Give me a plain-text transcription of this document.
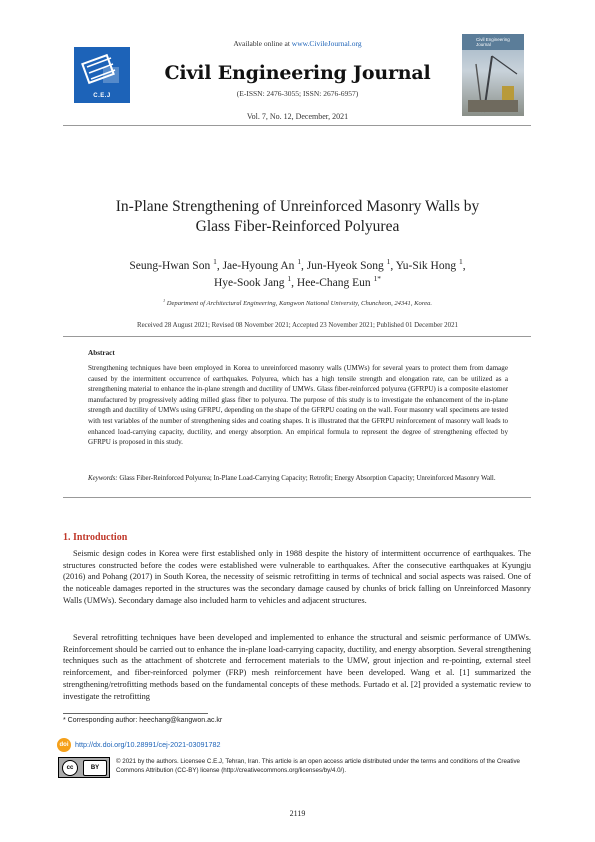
Available online at www.CivileJournal.org
C.E.J
Civil Engineering Journal
(E-ISSN: 2476-3055; ISSN: 2676-6957)
Vol. 7, No. 12, December, 2021
Civil Engineering Journal
In-Plane Strengthening of Unreinforced Masonry Walls by
Glass Fiber-Reinforced Polyurea
Seung-Hwan Son $^1$, Jae-Hyoung An $^1$, Jun-Hyeok Song $^1$, Yu-Sik Hong $^1$,
Hye-Sook Jang $^1$, Hee-Chang Eun $^{1*}$
$^1$ Department of Architectural Engineering, Kangwon National University, Chuncheon, 24341, Korea.
Received 28 August 2021; Revised 08 November 2021; Accepted 23 November 2021; Published 01 December 2021
Abstract
Strengthening techniques have been employed in Korea to unreinforced masonry walls (UMWs) for several years to protect them from damage caused by the intermittent occurrence of earthquakes. Polyurea, which has a high tensile strength and elongation rate, can be utilized as a strengthening material to enhance the in-plane strength and ductility of UMWs. Glass fiber-reinforced polyurea (GFRPU) is a composite elastomer manufactured by progressively adding milled glass fiber to polyurea. The purpose of this study is to investigate the enhancement of the in-plane strength and ductility of UMWs using GFRPU, depending on the shape of the GFRPU coating on the wall. Four masonry wall specimens are tested with test variables of the number of strengthening sides and coating shapes. It is illustrated that the GFRPU reinforcement of masonry wall leads to enhanced load-carrying capacity, ductility, and energy absorption. An empirical formula to represent the degree of strengthening effected by GFRPU is proposed in this study.
Keywords: Glass Fiber-Reinforced Polyurea; In-Plane Load-Carrying Capacity; Retrofit; Energy Absorption Capacity; Unreinforced Masonry Wall.
1. Introduction
Seismic design codes in Korea were first established only in 1988 despite the history of intermittent occurrence of earthquakes. The structures constructed before the codes were established were vulnerable to earthquakes. After the consecutive earthquakes at Kyungju (2016) and Pohang (2017) in South Korea, the necessity of seismic retrofitting in terms of technical and social aspects was raised. One of the noticeable damages reported in the structures was the secondary damage caused by chunks of brick falling on Unreinforced Masonry Walls (UMWs). Secondary damage also included harm to vehicles and adjacent structures.
Several retrofitting techniques have been developed and implemented to enhance the structural and seismic performance of UMWs. Reinforcement should be carried out to enhance the in-plane load-carrying capacity, ductility, and energy absorption. Several strengthening techniques such as the attachment of shotcrete and ferrocement materials to the UMW, grout injection and re-pointing, external steel reinforcement, and fiber-reinforced polymer (FRP) mesh reinforcement have been developed. Wang et al. [1] summarized the strengthening/retrofitting methods based on the fundamental concepts of these methods. Furtado et al. [2] provided a systematic review to investigate the retrofitting
* Corresponding author: heechang@kangwon.ac.kr
doi http://dx.doi.org/10.28991/cej-2021-03091782
cc	BY
© 2021 by the authors. Licensee C.E.J, Tehran, Iran. This article is an open access article distributed under the terms and conditions of the Creative Commons Attribution (CC-BY) license (http://creativecommons.org/licenses/by/4.0/).
2119
